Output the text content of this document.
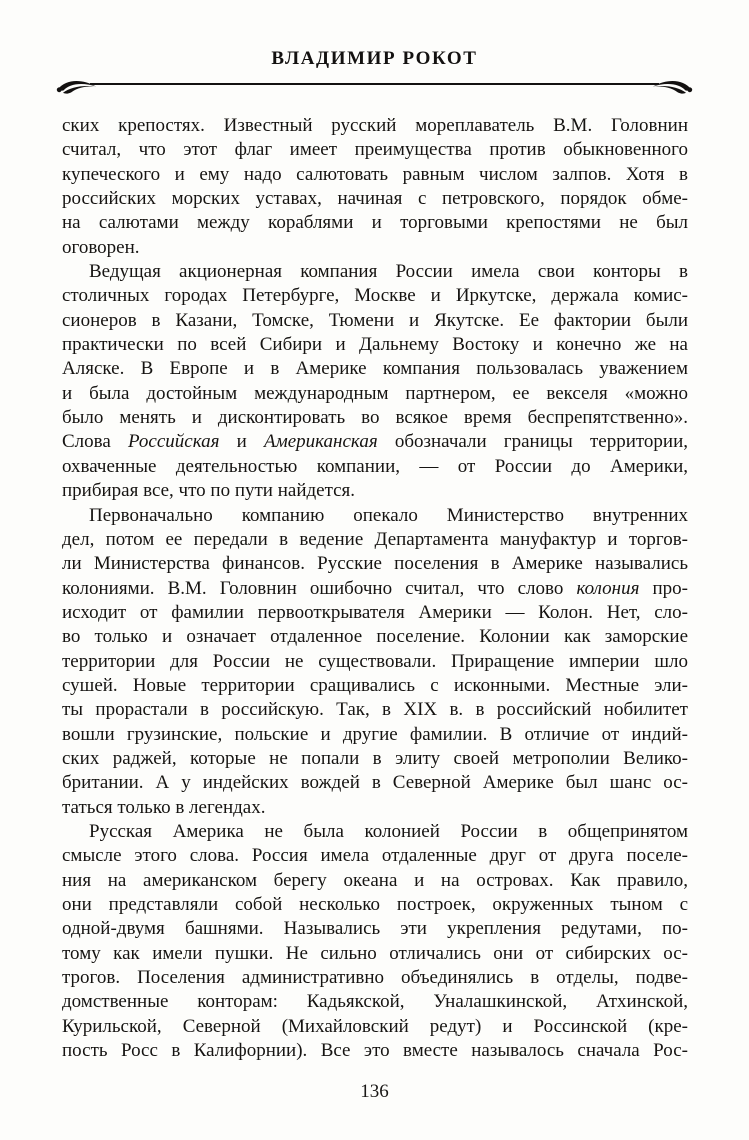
ВЛАДИМИР РОКОТ
ских крепостях. Известный русский мореплаватель В.М. Головнин
считал, что этот флаг имеет преимущества против обыкновенного
купеческого и ему надо салютовать равным числом залпов. Хотя в
российских морских уставах, начиная с петровского, порядок обме-
на салютами между кораблями и торговыми крепостями не был
оговорен.
Ведущая акционерная компания России имела свои конторы в
столичных городах Петербурге, Москве и Иркутске, держала комис-
сионеров в Казани, Томске, Тюмени и Якутске. Ее фактории были
практически по всей Сибири и Дальнему Востоку и конечно же на
Аляске. В Европе и в Америке компания пользовалась уважением
и была достойным международным партнером, ее векселя «можно
было менять и дисконтировать во всякое время беспрепятственно».
Слова Российская и Американская обозначали границы территории,
охваченные деятельностью компании, — от России до Америки,
прибирая все, что по пути найдется.
Первоначально компанию опекало Министерство внутренних
дел, потом ее передали в ведение Департамента мануфактур и торгов-
ли Министерства финансов. Русские поселения в Америке назывались
колониями. В.М. Головнин ошибочно считал, что слово колония про-
исходит от фамилии первооткрывателя Америки — Колон. Нет, сло-
во только и означает отдаленное поселение. Колонии как заморские
территории для России не существовали. Приращение империи шло
сушей. Новые территории сращивались с исконными. Местные эли-
ты прорастали в российскую. Так, в XIX в. в российский нобилитет
вошли грузинские, польские и другие фамилии. В отличие от индий-
ских раджей, которые не попали в элиту своей метрополии Велико-
британии. А у индейских вождей в Северной Америке был шанс ос-
таться только в легендах.
Русская Америка не была колонией России в общепринятом
смысле этого слова. Россия имела отдаленные друг от друга поселе-
ния на американском берегу океана и на островах. Как правило,
они представляли собой несколько построек, окруженных тыном с
одной-двумя башнями. Назывались эти укрепления редутами, по-
тому как имели пушки. Не сильно отличались они от сибирских ос-
трогов. Поселения административно объединялись в отделы, подве-
домственные конторам: Кадьякской, Уналашкинской, Атхинской,
Курильской, Северной (Михайловский редут) и Россинской (кре-
пость Росс в Калифорнии). Все это вместе называлось сначала Рос-
136
